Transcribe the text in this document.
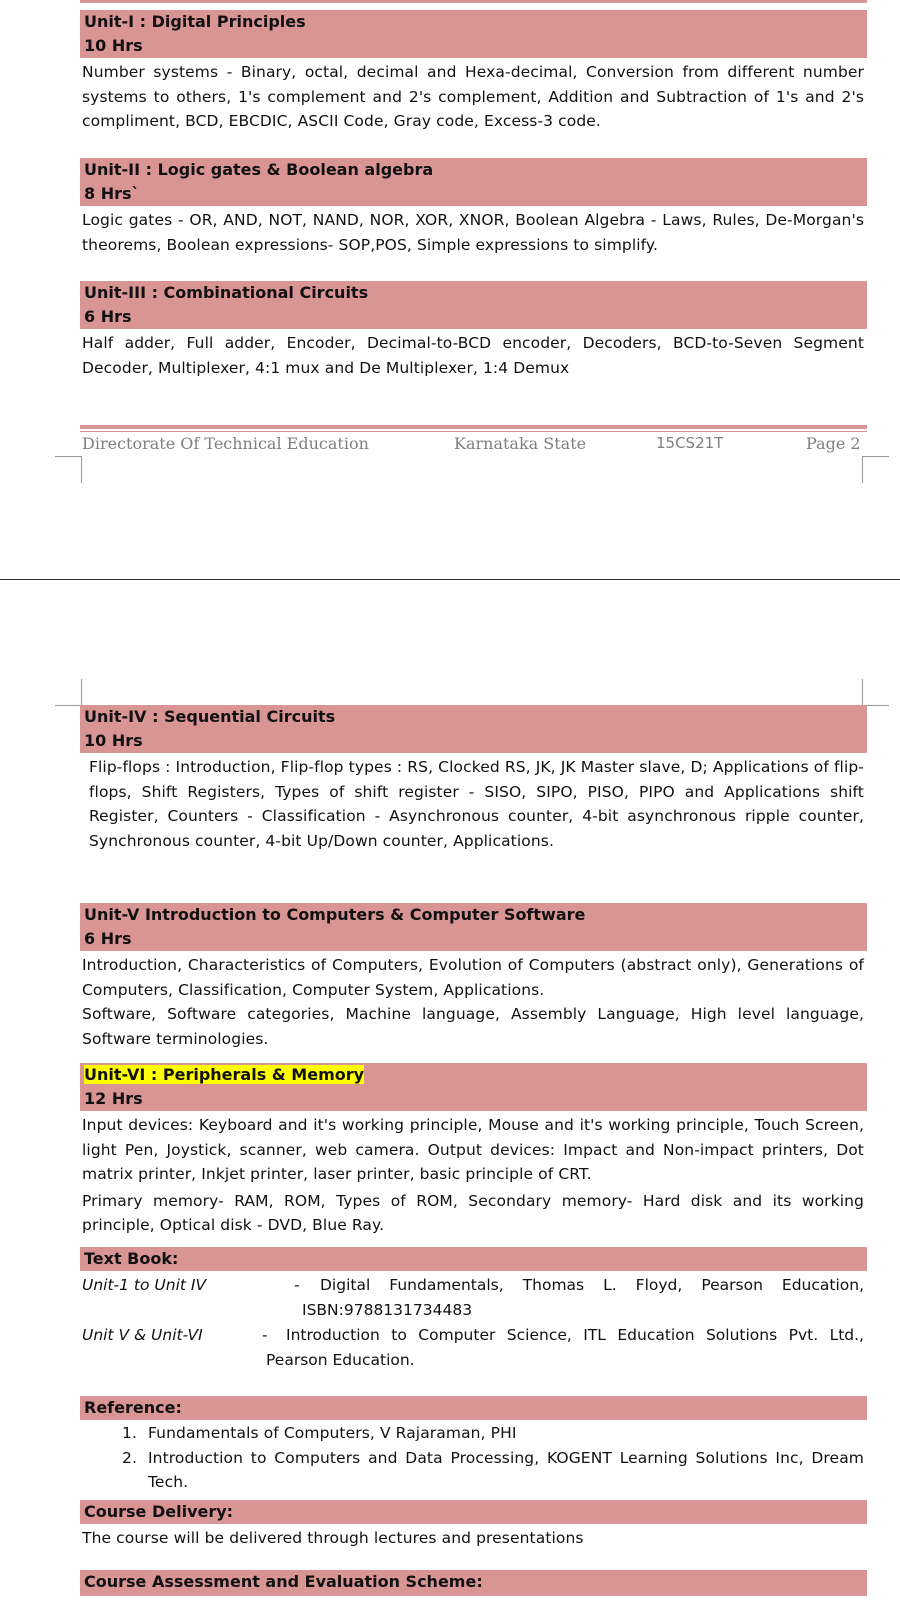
Unit-I : Digital Principles
10 Hrs

Number systems - Binary, octal, decimal and Hexa-decimal, Conversion from different number systems to others, 1's complement and 2's complement, Addition and Subtraction of 1's and 2's compliment, BCD, EBCDIC, ASCII Code, Gray code, Excess-3 code.

Unit-II : Logic gates & Boolean algebra
8 Hrs`

Logic gates - OR, AND, NOT, NAND, NOR, XOR, XNOR, Boolean Algebra - Laws, Rules, De-Morgan's theorems, Boolean expressions- SOP,POS, Simple expressions to simplify.

Unit-III : Combinational Circuits
6 Hrs

Half adder, Full adder, Encoder, Decimal-to-BCD encoder, Decoders, BCD-to-Seven Segment Decoder, Multiplexer, 4:1 mux and De Multiplexer, 1:4 Demux

Directorate Of Technical Education	Karnataka State	15CS21T	Page 2
Unit-IV : Sequential Circuits
10 Hrs

Flip-flops : Introduction, Flip-flop types : RS, Clocked RS, JK, JK Master slave, D; Applications of flip-flops, Shift Registers, Types of shift register - SISO, SIPO, PISO, PIPO and Applications shift Register, Counters - Classification - Asynchronous counter, 4-bit asynchronous ripple counter, Synchronous counter, 4-bit Up/Down counter, Applications.

Unit-V Introduction to Computers & Computer Software
6 Hrs

Introduction, Characteristics of Computers, Evolution of Computers (abstract only), Generations of Computers, Classification, Computer System, Applications.

Software, Software categories, Machine language, Assembly Language, High level language, Software terminologies.

Unit-VI : Peripherals & Memory
12 Hrs

Input devices: Keyboard and it's working principle, Mouse and it's working principle, Touch Screen, light Pen, Joystick, scanner, web camera. Output devices: Impact and Non-impact printers, Dot matrix printer, Inkjet printer, laser printer, basic principle of CRT.

Primary memory- RAM, ROM, Types of ROM, Secondary memory- Hard disk and its working principle, Optical disk - DVD, Blue Ray.

Text Book:
Unit-1 to Unit IV	-	Digital Fundamentals, Thomas L. Floyd, Pearson Education,
ISBN:9788131734483
Unit V & Unit-VI	-	Introduction to Computer Science, ITL Education Solutions Pvt. Ltd.,
Pearson Education.
Reference:
1. Fundamentals of Computers, V Rajaraman, PHI
2. Introduction to Computers and Data Processing, KOGENT Learning Solutions Inc, Dream Tech.
Course Delivery:
The course will be delivered through lectures and presentations
Course Assessment and Evaluation Scheme:
